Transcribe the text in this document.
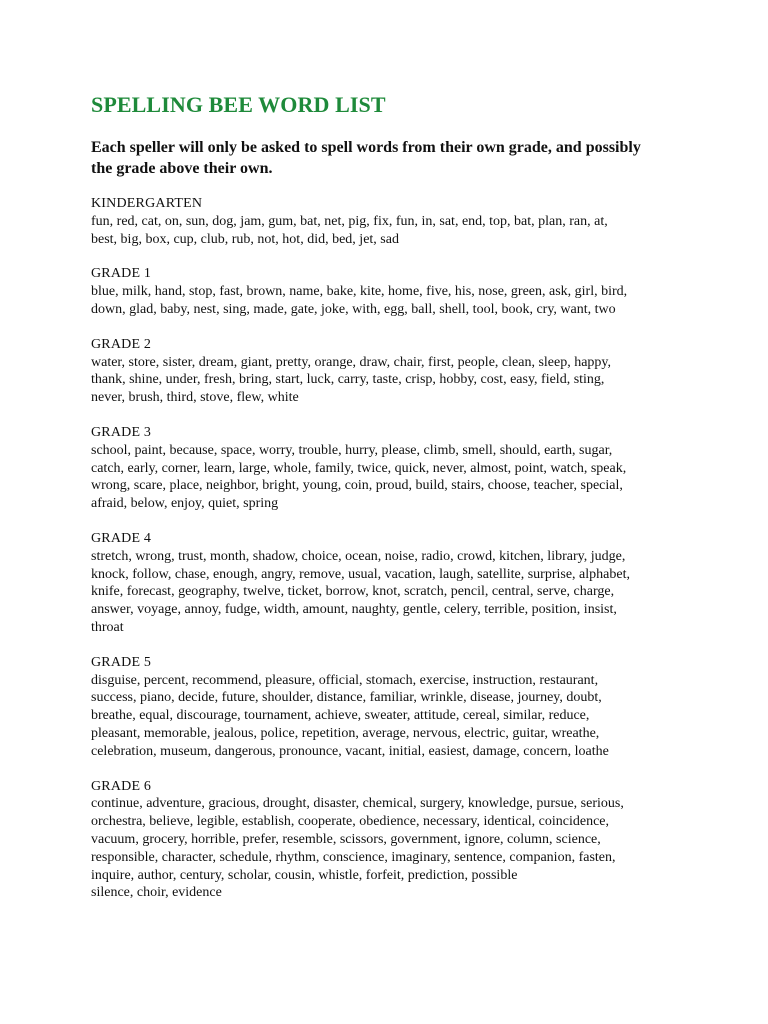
SPELLING BEE WORD LIST
Each speller will only be asked to spell words from their own grade, and possibly
the grade above their own.
KINDERGARTEN
fun, red, cat, on, sun, dog, jam, gum, bat, net, pig, fix, fun, in, sat, end, top, bat, plan, ran, at,
best, big, box, cup, club, rub, not, hot, did, bed, jet, sad
GRADE 1
blue, milk, hand, stop, fast, brown, name, bake, kite, home, five, his, nose, green, ask, girl, bird,
down, glad, baby, nest, sing, made, gate, joke, with, egg, ball, shell, tool, book, cry, want, two
GRADE 2
water, store, sister, dream, giant, pretty, orange, draw, chair, first, people, clean, sleep, happy,
thank, shine, under, fresh, bring, start, luck, carry, taste, crisp, hobby, cost, easy, field, sting,
never, brush, third, stove, flew, white
GRADE 3
school, paint, because, space, worry, trouble, hurry, please, climb, smell, should, earth, sugar,
catch, early, corner, learn, large, whole, family, twice, quick, never, almost, point, watch, speak,
wrong, scare, place, neighbor, bright, young, coin, proud, build, stairs, choose, teacher, special,
afraid, below, enjoy, quiet, spring
GRADE 4
stretch, wrong, trust, month, shadow, choice, ocean, noise, radio, crowd, kitchen, library, judge,
knock, follow, chase, enough, angry, remove, usual, vacation, laugh, satellite, surprise, alphabet,
knife, forecast, geography, twelve, ticket, borrow, knot, scratch, pencil, central, serve, charge,
answer, voyage, annoy, fudge, width, amount, naughty, gentle, celery, terrible, position, insist,
throat
GRADE 5
disguise, percent, recommend, pleasure, official, stomach, exercise, instruction, restaurant,
success, piano, decide, future, shoulder, distance, familiar, wrinkle, disease, journey, doubt,
breathe, equal, discourage, tournament, achieve, sweater, attitude, cereal, similar, reduce,
pleasant, memorable, jealous, police, repetition, average, nervous, electric, guitar, wreathe,
celebration, museum, dangerous, pronounce, vacant, initial, easiest, damage, concern, loathe
GRADE 6
continue, adventure, gracious, drought, disaster, chemical, surgery, knowledge, pursue, serious,
orchestra, believe, legible, establish, cooperate, obedience, necessary, identical, coincidence,
vacuum, grocery, horrible, prefer, resemble, scissors, government, ignore, column, science,
responsible, character, schedule, rhythm, conscience, imaginary, sentence, companion, fasten,
inquire, author, century, scholar, cousin, whistle, forfeit, prediction, possible
silence, choir, evidence
